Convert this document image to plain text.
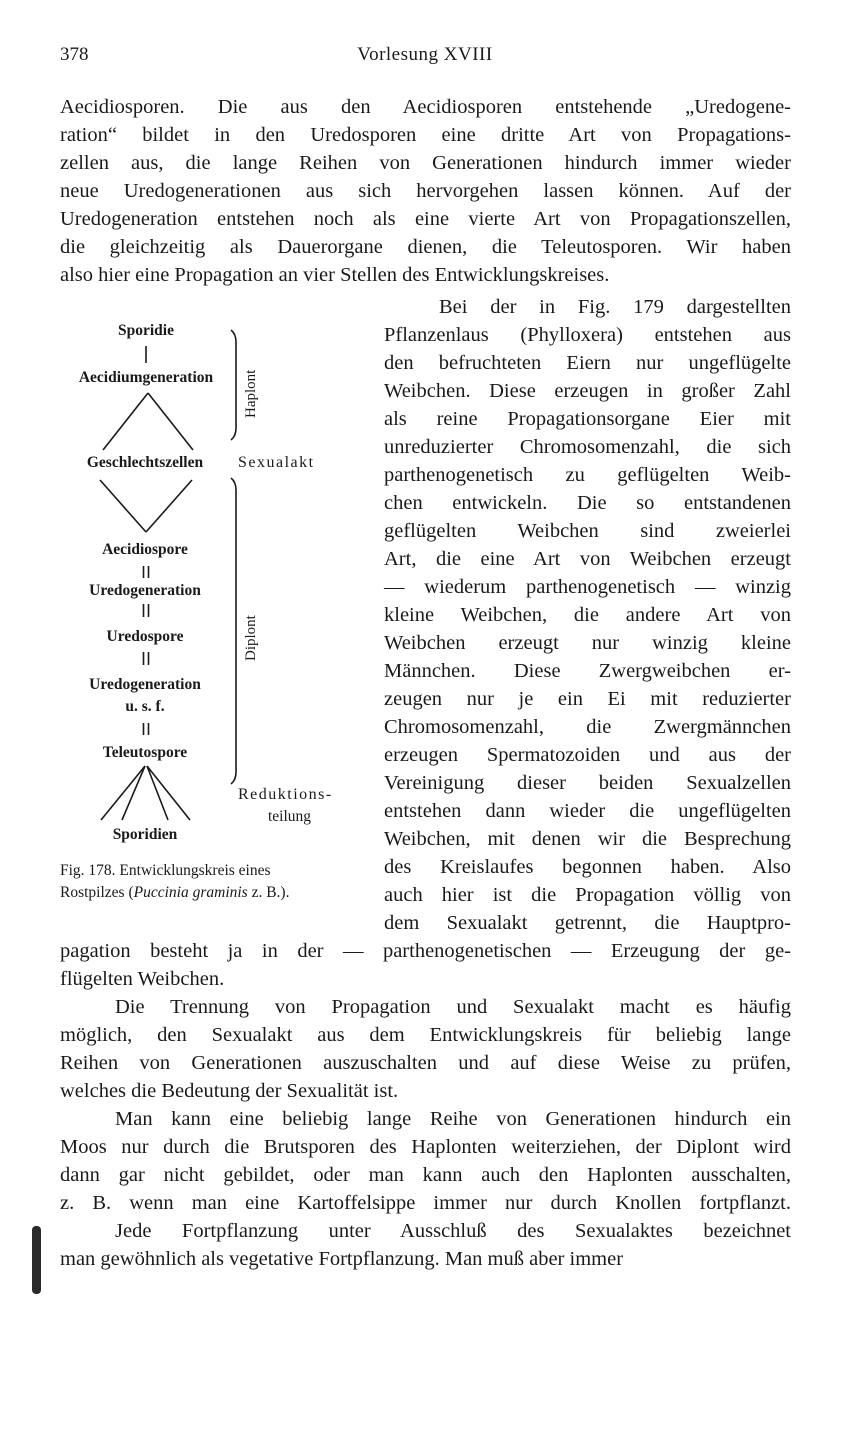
378	Vorlesung XVIII
Aecidiosporen. Die aus den Aecidiosporen entstehende „Uredogene-
ration“ bildet in den Uredosporen eine dritte Art von Propagations-
zellen aus, die lange Reihen von Generationen hindurch immer wieder
neue Uredogenerationen aus sich hervorgehen lassen können. Auf der
Uredogeneration entstehen noch als eine vierte Art von Propagationszellen,
die gleichzeitig als Dauerorgane dienen, die Teleutosporen. Wir haben
also hier eine Propagation an vier Stellen des Entwicklungskreises.
Bei der in Fig. 179 dargestellten
Pflanzenlaus (Phylloxera) entstehen aus
den befruchteten Eiern nur ungeflügelte
Weibchen. Diese erzeugen in großer Zahl
als reine Propagationsorgane Eier mit
unreduzierter Chromosomenzahl, die sich
parthenogenetisch zu geflügelten Weib-
chen entwickeln. Die so entstandenen
geflügelten Weibchen sind zweierlei
Art, die eine Art von Weibchen erzeugt
— wiederum parthenogenetisch — winzig
kleine Weibchen, die andere Art von
Weibchen erzeugt nur winzig kleine
Männchen. Diese Zwergweibchen er-
zeugen nur je ein Ei mit reduzierter
Chromosomenzahl, die Zwergmännchen
erzeugen Spermatozoiden und aus der
Vereinigung dieser beiden Sexualzellen
entstehen dann wieder die ungeflügelten
Weibchen, mit denen wir die Besprechung
des Kreislaufes begonnen haben. Also
auch hier ist die Propagation völlig von
dem Sexualakt getrennt, die Hauptpro-
pagation besteht ja in der — parthenogenetischen — Erzeugung der ge-
flügelten Weibchen.
Die Trennung von Propagation und Sexualakt macht es häufig
möglich, den Sexualakt aus dem Entwicklungskreis für beliebig lange
Reihen von Generationen auszuschalten und auf diese Weise zu prüfen,
welches die Bedeutung der Sexualität ist.
Man kann eine beliebig lange Reihe von Generationen hindurch ein
Moos nur durch die Brutsporen des Haplonten weiterziehen, der Diplont wird
dann gar nicht gebildet, oder man kann auch den Haplonten ausschalten,
z. B. wenn man eine Kartoffelsippe immer nur durch Knollen fortpflanzt.
Jede Fortpflanzung unter Ausschluß des Sexualaktes bezeichnet
man gewöhnlich als vegetative Fortpflanzung. Man muß aber immer
Sporidie
Aecidiumgeneration
Geschlechtszellen
Aecidiospore
Uredogeneration
Uredospore
Uredogeneration
u. s. f.
Teleutospore
Sporidien
Haplont
Sexualakt
Diplont
Reduktions-
teilung
Fig. 178. Entwicklungskreis eines
Rostpilzes (Puccinia graminis z. B.).
